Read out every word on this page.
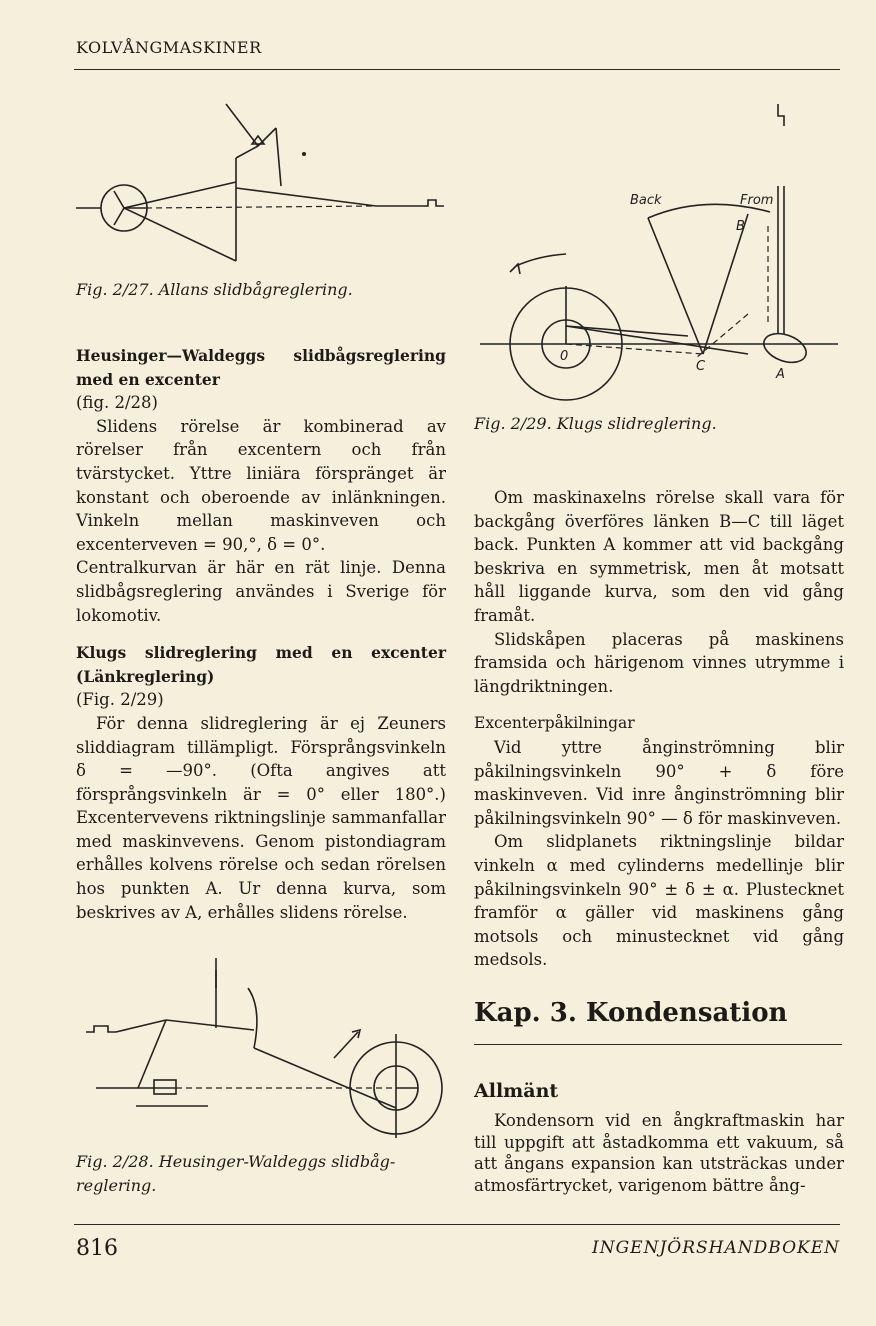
KOLVÅNGMASKINER
Fig. 2/27. Allans slidbågreglering.

Heusinger—Waldeggs slidbågsreglering med en excenter

(fig. 2/28)

Slidens rörelse är kombinerad av rörelser från excentern och från tvärstycket. Yttre liniära förspränget är konstant och oberoende av inlänkningen. Vinkeln mellan maskinveven och excenterveven = 90,°, δ = 0°.

Centralkurvan är här en rät linje. Denna slidbågsreglering användes i Sverige för lokomotiv.

Klugs slidreglering med en excenter (Länkreglering)

(Fig. 2/29)

För denna slidreglering är ej Zeuners sliddiagram tillämpligt. Försprångsvinkeln δ = —90°. (Ofta angives att försprångsvinkeln är = 0° eller 180°.) Excentervevens riktningslinje sammanfallar med maskinvevens. Genom pistondiagram erhålles kolvens rörelse och sedan rörelsen hos punkten A. Ur denna kurva, som beskrives av A, erhålles slidens rörelse.

Fig. 2/28. Heusinger-Waldeggs slidbåg-
reglering.
Back	From
B
C
A
0
Fig. 2/29. Klugs slidreglering.

Om maskinaxelns rörelse skall vara för backgång överföres länken B—C till läget back. Punkten A kommer att vid backgång beskriva en symmetrisk, men åt motsatt håll liggande kurva, som den vid gång framåt.

Slidskåpen placeras på maskinens framsida och härigenom vinnes utrymme i längdriktningen.

Excenterpåkilningar

Vid yttre ånginströmning blir påkilningsvinkeln 90° + δ före maskinveven. Vid inre ånginströmning blir påkilningsvinkeln 90° — δ för maskinveven.

Om slidplanets riktningslinje bildar vinkeln α med cylinderns medellinje blir påkilningsvinkeln 90° ± δ ± α. Plustecknet framför α gäller vid maskinens gång motsols och minustecknet vid gång medsols.

Kap. 3. Kondensation
Allmänt

Kondensorn vid en ångkraftmaskin har till uppgift att åstadkomma ett vakuum, så att ångans expansion kan utsträckas under atmosfärtrycket, varigenom bättre ång-

816	INGENJÖRSHANDBOKEN
